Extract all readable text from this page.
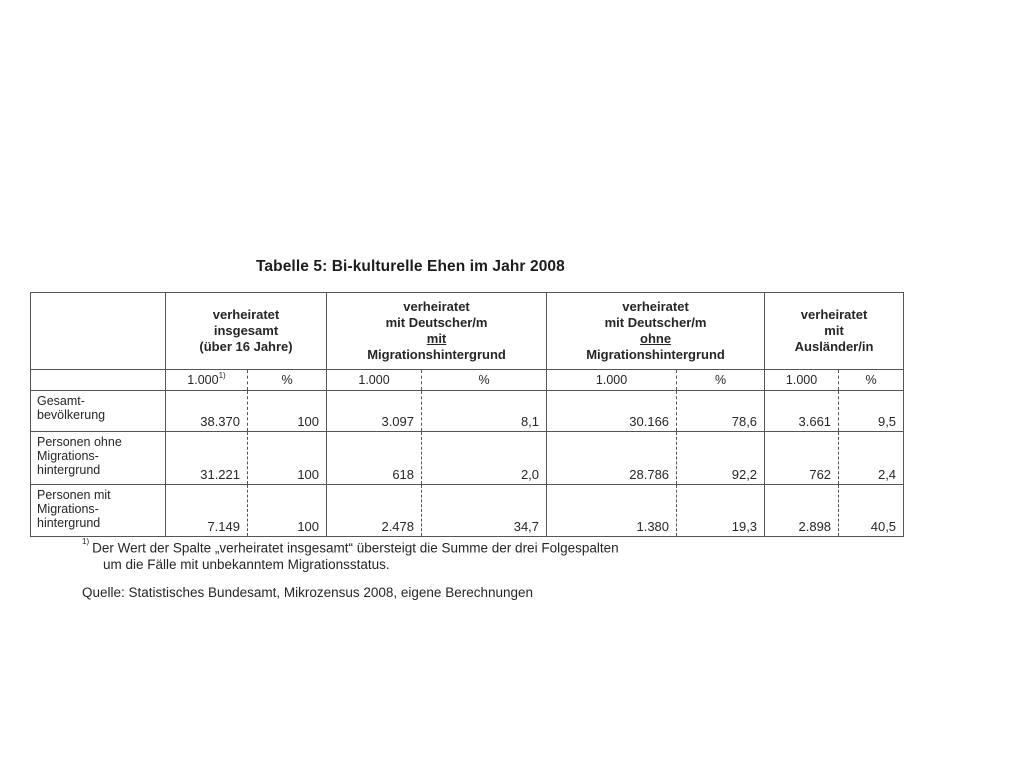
Tabelle 5: Bi-kulturelle Ehen im Jahr 2008

	verheiratet
insgesamt
(über 16 Jahre)		verheiratet
mit Deutscher/m
mit
Migrationshintergrund		verheiratet
mit Deutscher/m
ohne
Migrationshintergrund		verheiratet
mit
Ausländer/in	

	1.000$^{1)}$	%	1.000	%	1.000	%	1.000	%

Gesamt-
bevölkerung	38.370	100	3.097	8,1	30.166	78,6	3.661	9,5

Personen ohne
Migrations-
hintergrund	31.221	100	618	2,0	28.786	92,2	762	2,4

Personen mit
Migrations-
hintergrund	7.149	100	2.478	34,7	1.380	19,3	2.898	40,5
$^{1)}$ Der Wert der Spalte „verheiratet insgesamt“ übersteigt die Summe der drei Folgespalten
um die Fälle mit unbekanntem Migrationsstatus.
Quelle: Statistisches Bundesamt, Mikrozensus 2008, eigene Berechnungen
